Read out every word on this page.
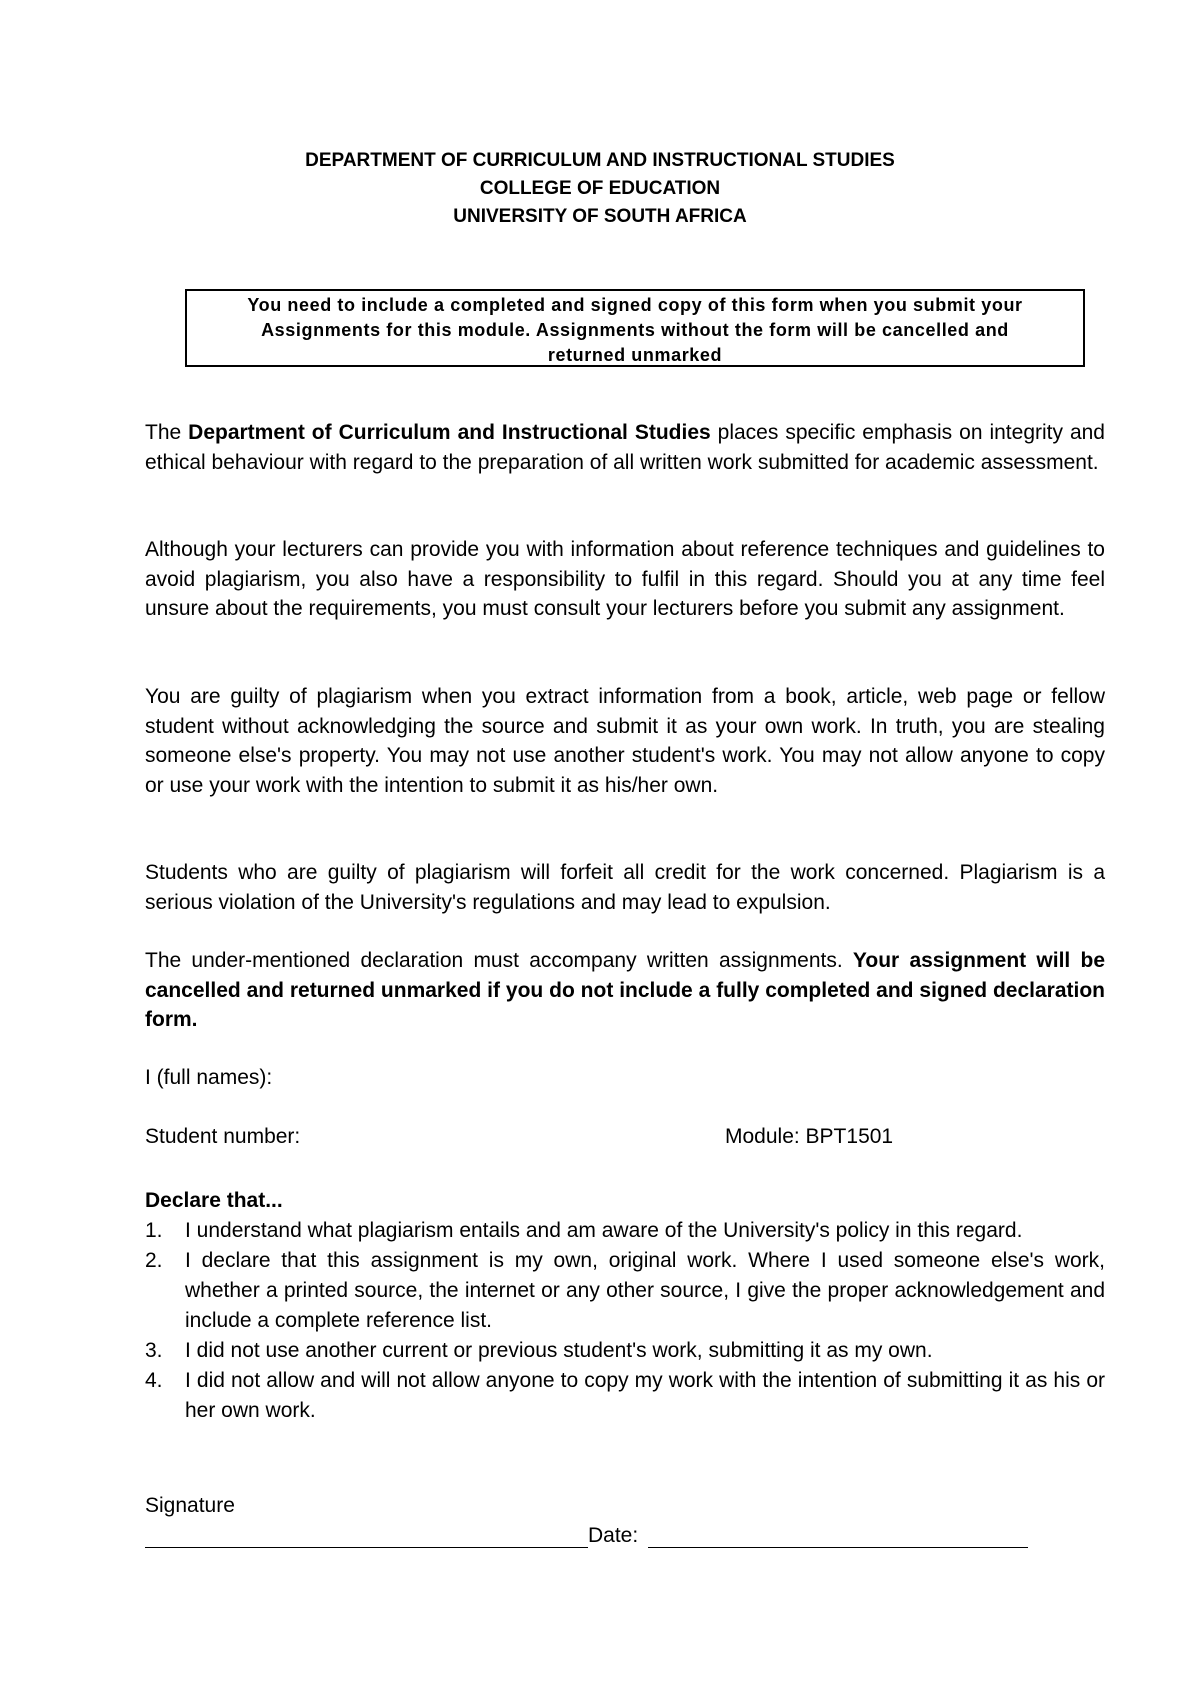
DEPARTMENT OF CURRICULUM AND INSTRUCTIONAL STUDIES
COLLEGE OF EDUCATION
UNIVERSITY OF SOUTH AFRICA
You need to include a completed and signed copy of this form when you submit your
Assignments for this module. Assignments without the form will be cancelled and
returned unmarked

The Department of Curriculum and Instructional Studies places specific emphasis on integrity and ethical behaviour with regard to the preparation of all written work submitted for academic assessment.

Although your lecturers can provide you with information about reference techniques and guidelines to avoid plagiarism, you also have a responsibility to fulfil in this regard. Should you at any time feel unsure about the requirements, you must consult your lecturers before you submit any assignment.

You are guilty of plagiarism when you extract information from a book, article, web page or fellow student without acknowledging the source and submit it as your own work. In truth, you are stealing someone else's property. You may not use another student's work. You may not allow anyone to copy or use your work with the intention to submit it as his/her own.

Students who are guilty of plagiarism will forfeit all credit for the work concerned. Plagiarism is a serious violation of the University's regulations and may lead to expulsion.

The under-mentioned declaration must accompany written assignments. Your assignment will be cancelled and returned unmarked if you do not include a fully completed and signed declaration form.

I (full names):
Student number:	Module: BPT1501
Declare that...
1. I understand what plagiarism entails and am aware of the University's policy in this regard.
2. I declare that this assignment is my own, original work. Where I used someone else's work, whether a printed source, the internet or any other source, I give the proper acknowledgement and include a complete reference list.
3. I did not use another current or previous student's work, submitting it as my own.
4. I did not allow and will not allow anyone to copy my work with the intention of submitting it as his or her own work.
Signature
Date:
